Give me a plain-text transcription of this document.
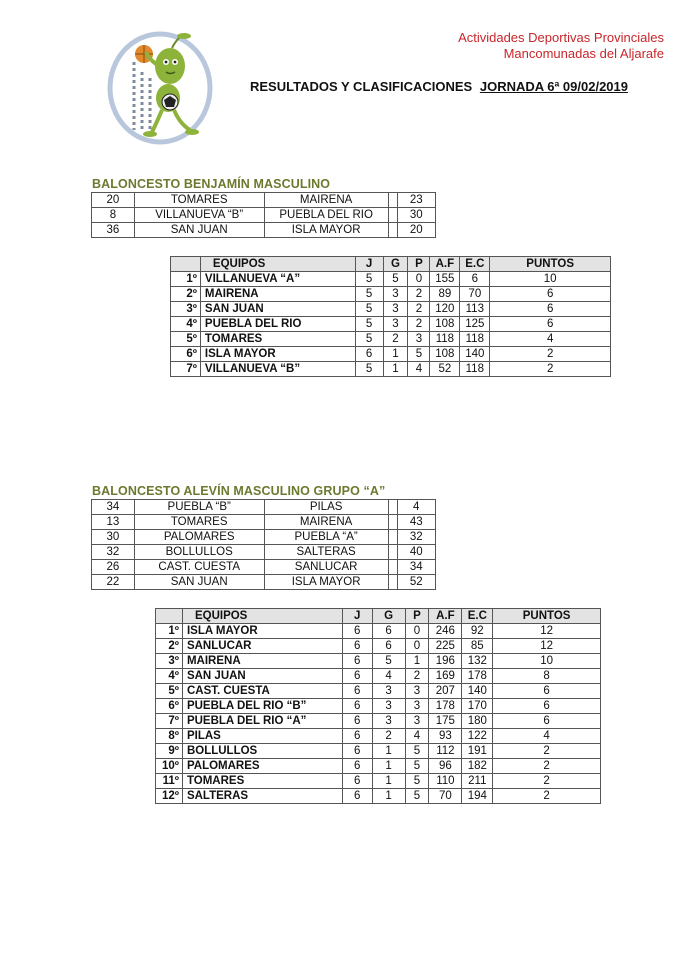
Actividades Deportivas Provinciales
Mancomunadas del Aljarafe
RESULTADOS Y CLASIFICACIONES JORNADA 6ª 09/02/2019
BALONCESTO BENJAMÍN MASCULINO
20	TOMARES	MAIRENA		23
8	VILLANUEVA “B”	PUEBLA DEL RIO		30
36	SAN JUAN	ISLA MAYOR		20
	EQUIPOS	J	G	P	A.F	E.C	PUNTOS
1º	VILLANUEVA “A”	5	5	0	155	6	10
2º	MAIRENA	5	3	2	89	70	6
3º	SAN JUAN	5	3	2	120	113	6
4º	PUEBLA DEL RIO	5	3	2	108	125	6
5º	TOMARES	5	2	3	118	118	4
6º	ISLA MAYOR	6	1	5	108	140	2
7º	VILLANUEVA “B”	5	1	4	52	118	2
BALONCESTO ALEVÍN MASCULINO GRUPO “A”
34	PUEBLA “B”	PILAS		4
13	TOMARES	MAIRENA		43
30	PALOMARES	PUEBLA “A”		32
32	BOLLULLOS	SALTERAS		40
26	CAST. CUESTA	SANLUCAR		34
22	SAN JUAN	ISLA MAYOR		52
	EQUIPOS	J	G	P	A.F	E.C	PUNTOS
1º	ISLA MAYOR	6	6	0	246	92	12
2º	SANLUCAR	6	6	0	225	85	12
3º	MAIRENA	6	5	1	196	132	10
4º	SAN JUAN	6	4	2	169	178	8
5º	CAST. CUESTA	6	3	3	207	140	6
6º	PUEBLA DEL RIO “B”	6	3	3	178	170	6
7º	PUEBLA DEL RIO “A”	6	3	3	175	180	6
8º	PILAS	6	2	4	93	122	4
9º	BOLLULLOS	6	1	5	112	191	2
10º	PALOMARES	6	1	5	96	182	2
11º	TOMARES	6	1	5	110	211	2
12º	SALTERAS	6	1	5	70	194	2
